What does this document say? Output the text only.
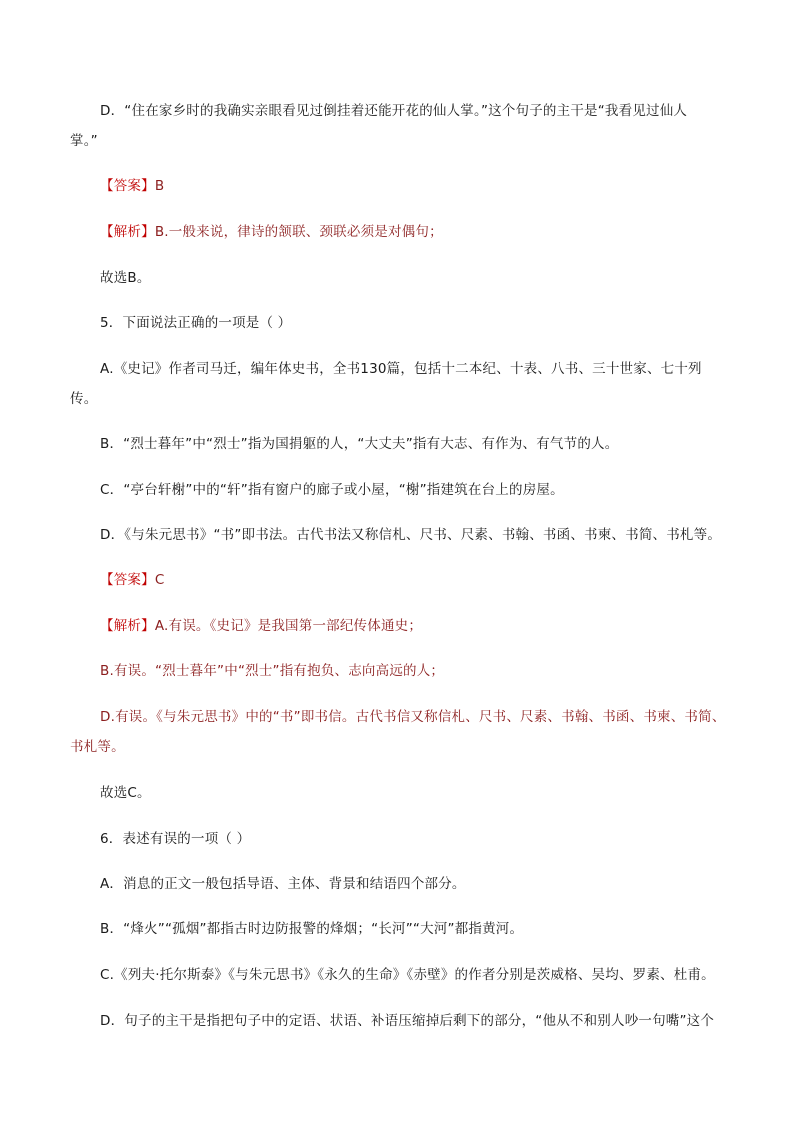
D．“住在家乡时的我确实亲眼看见过倒挂着还能开花的仙人掌。”这个句子的主干是“我看见过仙人
掌。”
【答案】B
【解析】B.一般来说，律诗的颔联、颈联必须是对偶句；
故选B。
5．下面说法正确的一项是（ ）
A.《史记》作者司马迁，编年体史书，全书130篇，包括十二本纪、十表、八书、三十世家、七十列
传。
B．“烈士暮年”中“烈士”指为国捐躯的人，“大丈夫”指有大志、有作为、有气节的人。
C．“亭台轩榭”中的“轩”指有窗户的廊子或小屋，“榭”指建筑在台上的房屋。
D．《与朱元思书》“书”即书法。古代书法又称信札、尺书、尺素、书翰、书函、书柬、书简、书札等。
【答案】C
【解析】A.有误。《史记》是我国第一部纪传体通史；
B.有误。“烈士暮年”中“烈士”指有抱负、志向高远的人；
D.有误。《与朱元思书》中的“书”即书信。古代书信又称信札、尺书、尺素、书翰、书函、书柬、书简、
书札等。
故选C。
6．表述有误的一项（ ）
A．消息的正文一般包括导语、主体、背景和结语四个部分。
B．“烽火”“孤烟”都指古时边防报警的烽烟；“长河”“大河”都指黄河。
C.《列夫·托尔斯泰》《与朱元思书》《永久的生命》《赤壁》的作者分别是茨威格、吴均、罗素、杜甫。
D．句子的主干是指把句子中的定语、状语、补语压缩掉后剩下的部分，“他从不和别人吵一句嘴”这个
